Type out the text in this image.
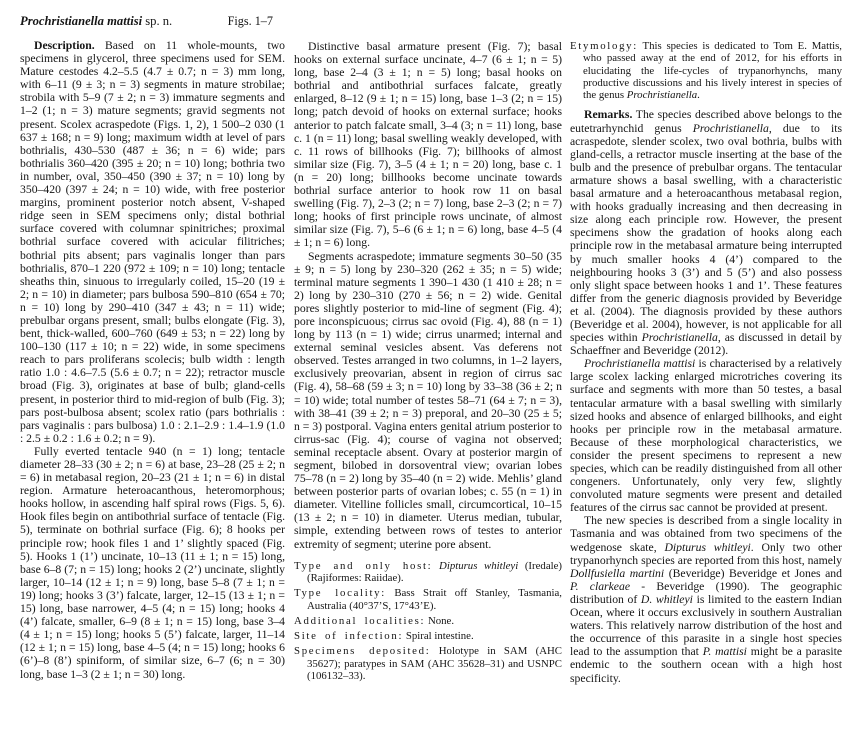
Prochristianella mattisi sp. n.	Figs. 1–7

Description. Based on 11 whole-mounts, two specimens in glycerol, three specimens used for SEM. Mature cestodes 4.2–5.5 (4.7 ± 0.7; n = 3) mm long, with 6–11 (9 ± 3; n = 3) segments in mature strobilae; strobila with 5–9 (7 ± 2; n = 3) immature segments and 1–2 (1; n = 3) mature segments; gravid segments not present. Scolex acraspedote (Figs. 1, 2), 1 500–2 030 (1 637 ± 168; n = 9) long; maximum width at level of pars bothrialis, 430–530 (487 ± 36; n = 6) wide; pars bothrialis 360–420 (395 ± 20; n = 10) long; bothria two in number, oval, 350–450 (390 ± 37; n = 10) long by 350–420 (397 ± 24; n = 10) wide, with free posterior margins, prominent posterior notch absent, V-shaped ridge seen in SEM specimens only; distal bothrial surface covered with columnar spinitriches; proximal bothrial surface covered with acicular filitriches; bothrial pits absent; pars vaginalis longer than pars bothrialis, 870–1 220 (972 ± 109; n = 10) long; tentacle sheaths thin, sinuous to irregularly coiled, 15–20 (19 ± 2; n = 10) in diameter; pars bulbosa 590–810 (654 ± 70; n = 10) long by 290–410 (347 ± 43; n = 11) wide; prebulbar organs present, small; bulbs elongate (Fig. 3), bent, thick-walled, 600–760 (649 ± 53; n = 22) long by 100–130 (117 ± 10; n = 22) wide, in some specimens reach to pars proliferans scolecis; bulb width : length ratio 1.0 : 4.6–7.5 (5.6 ± 0.7; n = 22); retractor muscle broad (Fig. 3), originates at base of bulb; gland-cells present, in posterior third to mid-region of bulb (Fig. 3); pars post-bulbosa absent; scolex ratio (pars bothrialis : pars vaginalis : pars bulbosa) 1.0 : 2.1–2.9 : 1.4–1.9 (1.0 : 2.5 ± 0.2 : 1.6 ± 0.2; n = 9).

Fully everted tentacle 940 (n = 1) long; tentacle diameter 28–33 (30 ± 2; n = 6) at base, 23–28 (25 ± 2; n = 6) in metabasal region, 20–23 (21 ± 1; n = 6) in distal region. Armature heteroacanthous, heteromorphous; hooks hollow, in ascending half spiral rows (Figs. 5, 6). Hook files begin on antibothrial surface of tentacle (Fig. 5), terminate on bothrial surface (Fig. 6); 8 hooks per principle row; hook files 1 and 1’ slightly spaced (Fig. 5). Hooks 1 (1’) uncinate, 10–13 (11 ± 1; n = 15) long, base 6–8 (7; n = 15) long; hooks 2 (2’) uncinate, slightly larger, 10–14 (12 ± 1; n = 9) long, base 5–8 (7 ± 1; n = 19) long; hooks 3 (3’) falcate, larger, 12–15 (13 ± 1; n = 15) long, base narrower, 4–5 (4; n = 15) long; hooks 4 (4’) falcate, smaller, 6–9 (8 ± 1; n = 15) long, base 3–4 (4 ± 1; n = 15) long; hooks 5 (5’) falcate, larger, 11–14 (12 ± 1; n = 15) long, base 4–5 (4; n = 15) long; hooks 6 (6’)–8 (8’) spiniform, of similar size, 6–7 (6; n = 30) long, base 1–3 (2 ± 1; n = 30) long.

Distinctive basal armature present (Fig. 7); basal hooks on external surface uncinate, 4–7 (6 ± 1; n = 5) long, base 2–4 (3 ± 1; n = 5) long; basal hooks on bothrial and antibothrial surfaces falcate, greatly enlarged, 8–12 (9 ± 1; n = 15) long, base 1–3 (2; n = 15) long; patch devoid of hooks on external surface; hooks anterior to patch falcate small, 3–4 (3; n = 11) long, base c. 1 (n = 11) long; basal swelling weakly developed, with c. 11 rows of billhooks (Fig. 7); billhooks of almost similar size (Fig. 7), 3–5 (4 ± 1; n = 20) long, base c. 1 (n = 20) long; billhooks become uncinate towards bothrial surface anterior to hook row 11 on basal swelling (Fig. 7), 2–3 (2; n = 7) long, base 2–3 (2; n = 7) long; hooks of first principle rows uncinate, of almost similar size (Fig. 7), 5–6 (6 ± 1; n = 6) long, base 4–5 (4 ± 1; n = 6) long.

Segments acraspedote; immature segments 30–50 (35 ± 9; n = 5) long by 230–320 (262 ± 35; n = 5) wide; terminal mature segments 1 390–1 430 (1 410 ± 28; n = 2) long by 230–310 (270 ± 56; n = 2) wide. Genital pores slightly posterior to mid-line of segment (Fig. 4); pore inconspicuous; cirrus sac ovoid (Fig. 4), 88 (n = 1) long by 113 (n = 1) wide; cirrus unarmed; internal and external seminal vesicles absent. Vas deferens not observed. Testes arranged in two columns, in 1–2 layers, exclusively preovarian, absent in region of cirrus sac (Fig. 4), 58–68 (59 ± 3; n = 10) long by 33–38 (36 ± 2; n = 10) wide; total number of testes 58–71 (64 ± 7; n = 3), with 38–41 (39 ± 2; n = 3) preporal, and 20–30 (25 ± 5; n = 3) postporal. Vagina enters genital atrium posterior to cirrus-sac (Fig. 4); course of vagina not observed; seminal receptacle absent. Ovary at posterior margin of segment, bilobed in dorsoventral view; ovarian lobes 75–78 (n = 2) long by 35–40 (n = 2) wide. Mehlis’ gland between posterior parts of ovarian lobes; c. 55 (n = 1) in diameter. Vitelline follicles small, circumcortical, 10–15 (13 ± 2; n = 10) in diameter. Uterus median, tubular, simple, extending between rows of testes to anterior extremity of segment; uterine pore absent.

Type and only host: Dipturus whitleyi (Iredale) (Rajiformes: Raiidae).

Type locality: Bass Strait off Stanley, Tasmania, Australia (40°37’S, 17°43’E).

Additional localities: None.

Site of infection: Spiral intestine.

Specimens deposited: Holotype in SAM (AHC 35627); paratypes in SAM (AHC 35628–31) and USNPC (106132–33).

Etymology: This species is dedicated to Tom E. Mattis, who passed away at the end of 2012, for his efforts in elucidating the life-cycles of trypanorhynchs, many productive discussions and his lively interest in species of the genus Prochristianella.

Remarks. The species described above belongs to the eutetrarhynchid genus Prochristianella, due to its acraspedote, slender scolex, two oval bothria, bulbs with gland-cells, a retractor muscle inserting at the base of the bulb and the presence of prebulbar organs. The tentacular armature shows a basal swelling, with a characteristic basal armature and a heteroacanthous metabasal region, with hooks gradually increasing and then decreasing in size along each principle row. However, the present specimens show the gradation of hooks along each principle row in the metabasal armature being interrupted by much smaller hooks 4 (4’) compared to the neighbouring hooks 3 (3’) and 5 (5’) and also possess only slight space between hooks 1 and 1’. These features differ from the generic diagnosis provided by Beveridge et al. (2004). The diagnosis provided by these authors (Beveridge et al. 2004), however, is not applicable for all species within Prochristianella, as discussed in detail by Schaeffner and Beveridge (2012).

Prochristianella mattisi is characterised by a relatively large scolex lacking enlarged microtriches covering its surface and segments with more than 50 testes, a basal tentacular armature with a basal swelling with similarly sized hooks and absence of enlarged billhooks, and eight hooks per principle row in the metabasal armature. Because of these morphological characteristics, we consider the present specimens to represent a new species, which can be readily distinguished from all other congeners. Unfortunately, only very few, slightly convoluted mature segments were present and detailed features of the cirrus sac cannot be provided at present.

The new species is described from a single locality in Tasmania and was obtained from two specimens of the wedgenose skate, Dipturus whitleyi. Only two other trypanorhynch species are reported from this host, namely Dollfusiella martini (Beveridge) Beveridge et Jones and P. clarkeae - Beveridge (1990). The geographic distribution of D. whitleyi is limited to the eastern Indian Ocean, where it occurs exclusively in southern Australian waters. This relatively narrow distribution of the host and the occurrence of this parasite in a single host species lead to the assumption that P. mattisi might be a parasite endemic to the southern ocean with a high host specificity.
